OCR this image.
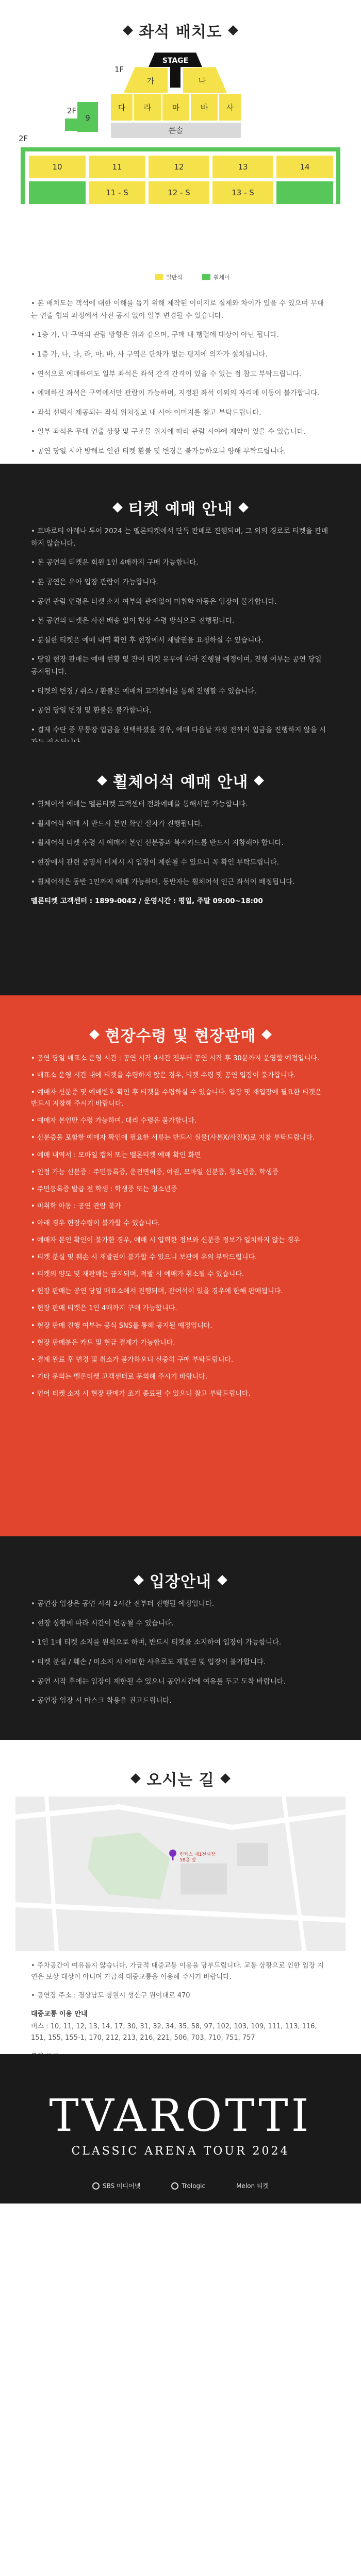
좌석 배치도
STAGE
1F
가	나
다 라	마	바 사
2F
9
콘솔
2F
10	11	12	13	14
11 - S	12 - S	13 - S
일반석	휠체어

• 본 배치도는 객석에 대한 이해를 돕기 위해 제작된 이미지로 실제와 차이가 있을 수 있으며 무대는 연출 협의 과정에서 사전 공지 없이 일부 변경될 수 있습니다.

• 1층 가, 나 구역의 관람 방향은 위와 같으며, 구매 내 행렬에 대상이 아닌 됩니다.

• 1층 가, 나, 다, 라, 마, 바, 사 구역은 단차가 없는 평지에 의자가 설치됩니다.

• 연석으로 예매하여도 일부 좌석은 좌석 간격 간격이 있을 수 있는 점 참고 부탁드립니다.

• 예매하신 좌석은 구역에서만 관람이 가능하며, 지정된 좌석 이외의 자리에 이동이 불가합니다.

• 좌석 선택시 제공되는 좌석 위치정보 내 시야 이미지를 참고 부탁드립니다.

• 일부 좌석은 무대 연출 상황 및 구조물 위치에 따라 관람 시야에 제약이 있을 수 있습니다.

• 공연 당일 시야 방해로 인한 티켓 환불 및 변경은 불가능하오니 양해 부탁드립니다.

티켓 예매 안내

• 트바로티 아레나 투어 2024 는 멜론티켓에서 단독 판매로 진행되며, 그 외의 경로로 티켓을 판매하지 않습니다.

• 본 공연의 티켓은 회원 1인 4매까지 구매 가능합니다.

• 본 공연은 유아 입장 관람이 가능합니다.

• 공연 관람 연령은 티켓 소지 여부와 관계없이 미취학 아동은 입장이 불가합니다.

• 본 공연의 티켓은 사전 배송 없이 현장 수령 방식으로 진행됩니다.

• 분실한 티켓은 예매 내역 확인 후 현장에서 재발권을 요청하실 수 있습니다.

• 당일 현장 판매는 예매 현황 및 잔여 티켓 유무에 따라 진행될 예정이며, 진행 여부는 공연 당일 공지됩니다.

• 티켓의 변경 / 취소 / 환불은 예매처 고객센터를 통해 진행할 수 있습니다.

• 공연 당일 변경 및 환불은 불가합니다.

• 결제 수단 중 무통장 입금을 선택하셨을 경우, 예매 다음날 자정 전까지 입금을 진행하지 않을 시

휠체어석 예매 안내

• 휠체어석 예매는 멜론티켓 고객센터 전화예매를 통해서만 가능합니다.

• 휠체어석 예매 시 반드시 본인 확인 절차가 진행됩니다.

• 휠체어석 티켓 수령 시 예매자 본인 신분증과 복지카드를 반드시 지참해야 합니다.

• 현장에서 관련 증명서 미제시 시 입장이 제한될 수 있으니 꼭 확인 부탁드립니다.

• 휠체어석은 동반 1인까지 예매 가능하며, 동반자는 휠체어석 인근 좌석이 배정됩니다.

멜론티켓 고객센터 : 1899-0042 / 운영시간 : 평일, 주말 09:00~18:00

현장수령 및 현장판매

• 공연 당일 매표소 운영 시간 : 공연 시작 4시간 전부터 공연 시작 후 30분까지 운영할 예정입니다.

• 매표소 운영 시간 내에 티켓을 수령하지 않은 경우, 티켓 수령 및 공연 입장이 불가합니다.

• 예매자 신분증 및 예매번호 확인 후 티켓을 수령하실 수 있습니다. 입장 및 재입장에 필요한 티켓은 반드시 지참해 주시기 바랍니다.

• 예매자 본인만 수령 가능하며, 대리 수령은 불가합니다.

• 신분증을 포함한 예매자 확인에 필요한 서류는 반드시 실물(사본X/사진X)로 지참 부탁드립니다.

• 예매 내역서 : 모바일 캡처 또는 멜론티켓 예매 확인 화면

• 인정 가능 신분증 : 주민등록증, 운전면허증, 여권, 모바일 신분증, 청소년증, 학생증

• 주민등록증 발급 전 학생 : 학생증 또는 청소년증

• 미취학 아동 : 공연 관람 불가

• 아래 경우 현장수령이 불가할 수 있습니다.

• 예매자 본인 확인이 불가한 경우, 예매 시 입력한 정보와 신분증 정보가 일치하지 않는 경우

• 티켓 분실 및 훼손 시 재발권이 불가할 수 있으니 보관에 유의 부탁드립니다.

• 티켓의 양도 및 재판매는 금지되며, 적발 시 예매가 취소될 수 있습니다.

• 현장 판매는 공연 당일 매표소에서 진행되며, 잔여석이 있을 경우에 한해 판매됩니다.

• 현장 판매 티켓은 1인 4매까지 구매 가능합니다.

• 현장 판매 진행 여부는 공식 SNS를 통해 공지될 예정입니다.

• 현장 판매분은 카드 및 현금 결제가 가능합니다.

• 결제 완료 후 변경 및 취소가 불가하오니 신중히 구매 부탁드립니다.

• 기타 문의는 멜론티켓 고객센터로 문의해 주시기 바랍니다.

• 언어 티켓 소지 시 현장 판매가 조기 종료될 수 있으니 참고 부탁드립니다.

입장안내

• 공연장 입장은 공연 시작 2시간 전부터 진행될 예정입니다.

• 현장 상황에 따라 시간이 변동될 수 있습니다.

• 1인 1매 티켓 소지를 원칙으로 하며, 반드시 티켓을 소지하여 입장이 가능합니다.

• 티켓 분실 / 훼손 / 미소지 시 어떠한 사유로도 재발권 및 입장이 불가합니다.

• 공연 시작 후에는 입장이 제한될 수 있으니 공연시간에 여유를 두고 도착 바랍니다.

• 공연장 입장 시 마스크 착용을 권고드립니다.

오시는 길
킨텍스 제1전시장
5B홀 앞

• 주차공간이 여유롭지 않습니다. 가급적 대중교통 이용을 당부드립니다. 교통 상황으로 인한 입장 지연은 보상 대상이 아니며 가급적 대중교통을 이용해 주시기 바랍니다.

• 공연장 주소 : 경상남도 창원시 성산구 원이대로 470

대중교통 이용 안내

버스 : 10, 11, 12, 13, 14, 17, 30, 31, 32, 34, 35, 58, 97, 102, 103, 109, 111, 113, 116, 151, 155, 155-1, 170, 212, 213, 216, 221, 506, 703, 710, 751, 757

TVAROTTI
CLASSIC ARENA TOUR 2024
SBS 미디어넷	Trologic	Melon 티켓
